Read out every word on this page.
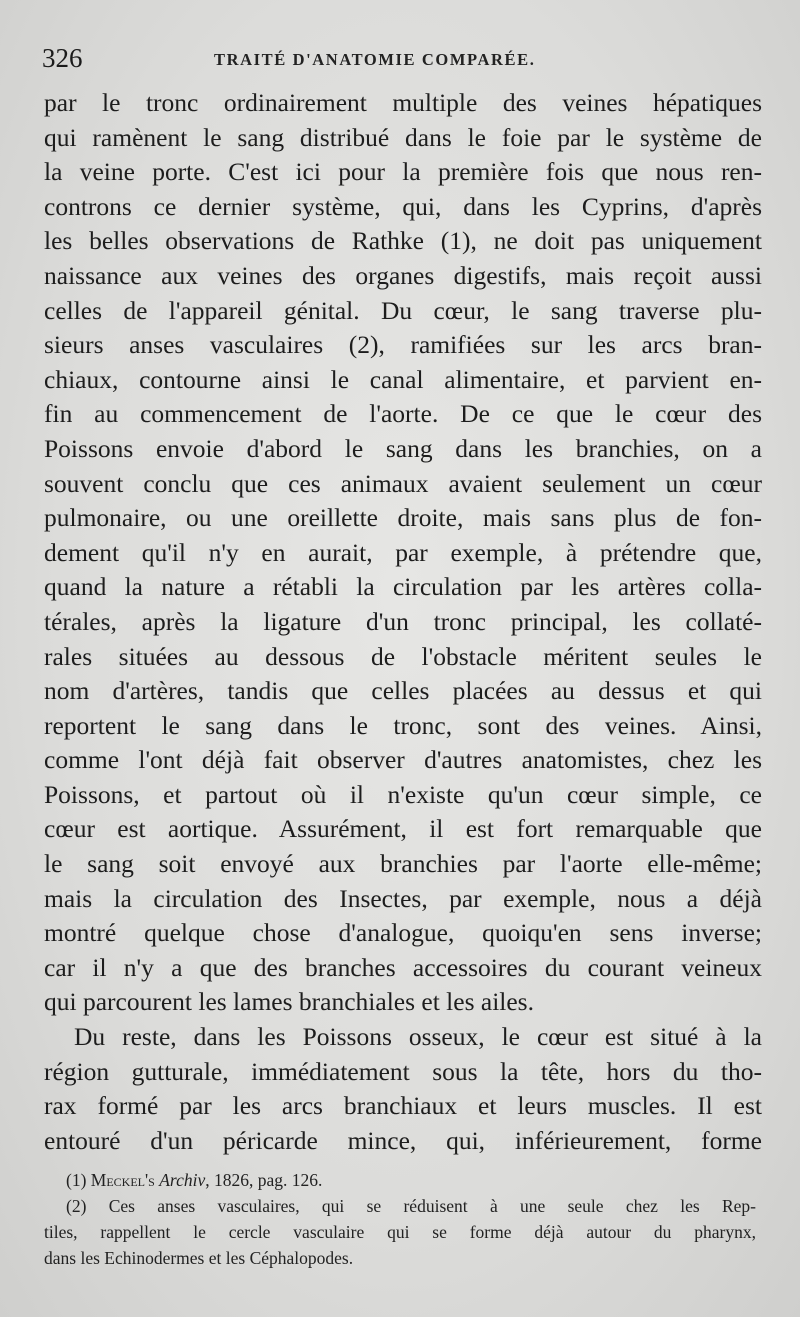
326	TRAITÉ D'ANATOMIE COMPARÉE.
par le tronc ordinairement multiple des veines hépatiques
qui ramènent le sang distribué dans le foie par le système de
la veine porte. C'est ici pour la première fois que nous ren-
controns ce dernier système, qui, dans les Cyprins, d'après
les belles observations de Rathke (1), ne doit pas uniquement
naissance aux veines des organes digestifs, mais reçoit aussi
celles de l'appareil génital. Du cœur, le sang traverse plu-
sieurs anses vasculaires (2), ramifiées sur les arcs bran-
chiaux, contourne ainsi le canal alimentaire, et parvient en-
fin au commencement de l'aorte. De ce que le cœur des
Poissons envoie d'abord le sang dans les branchies, on a
souvent conclu que ces animaux avaient seulement un cœur
pulmonaire, ou une oreillette droite, mais sans plus de fon-
dement qu'il n'y en aurait, par exemple, à prétendre que,
quand la nature a rétabli la circulation par les artères colla-
térales, après la ligature d'un tronc principal, les collaté-
rales situées au dessous de l'obstacle méritent seules le
nom d'artères, tandis que celles placées au dessus et qui
reportent le sang dans le tronc, sont des veines. Ainsi,
comme l'ont déjà fait observer d'autres anatomistes, chez les
Poissons, et partout où il n'existe qu'un cœur simple, ce
cœur est aortique. Assurément, il est fort remarquable que
le sang soit envoyé aux branchies par l'aorte elle-même;
mais la circulation des Insectes, par exemple, nous a déjà
montré quelque chose d'analogue, quoiqu'en sens inverse;
car il n'y a que des branches accessoires du courant veineux
qui parcourent les lames branchiales et les ailes.
Du reste, dans les Poissons osseux, le cœur est situé à la
région gutturale, immédiatement sous la tête, hors du tho-
rax formé par les arcs branchiaux et leurs muscles. Il est
entouré d'un péricarde mince, qui, inférieurement, forme
(1) Meckel's Archiv, 1826, pag. 126.
(2) Ces anses vasculaires, qui se réduisent à une seule chez les Rep-
tiles, rappellent le cercle vasculaire qui se forme déjà autour du pharynx,
dans les Echinodermes et les Céphalopodes.
